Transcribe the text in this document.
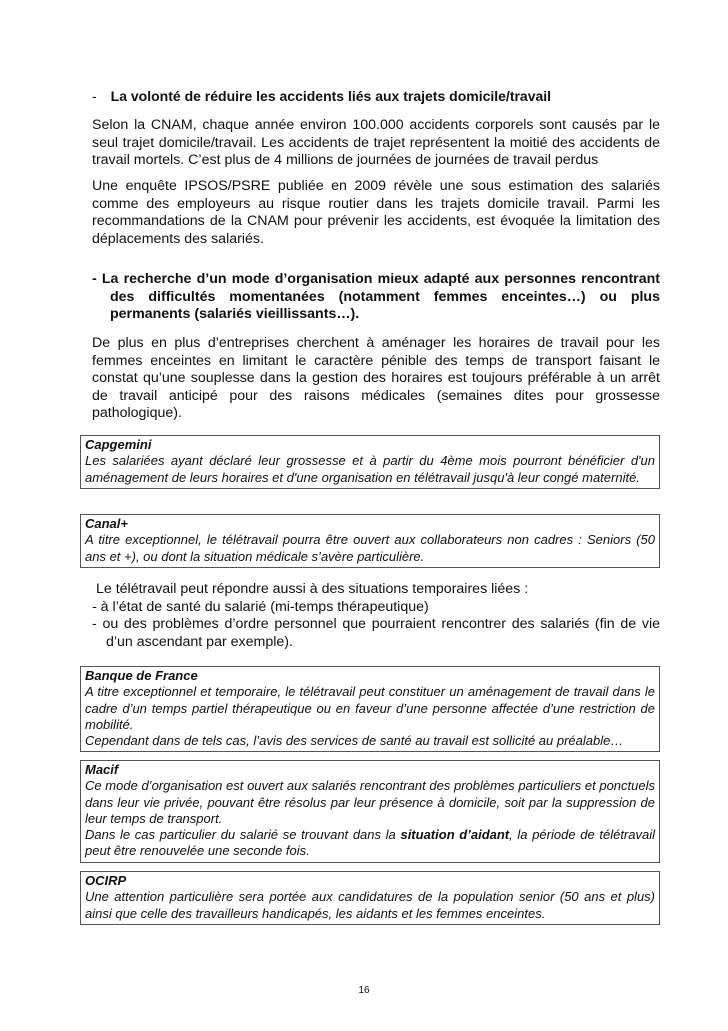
- La volonté de réduire les accidents liés aux trajets domicile/travail
Selon la CNAM, chaque année environ 100.000 accidents corporels sont causés par le seul trajet domicile/travail. Les accidents de trajet représentent la moitié des accidents de travail mortels. C’est plus de 4 millions de journées de journées de travail perdus
Une enquête IPSOS/PSRE publiée en 2009 révèle une sous estimation des salariés comme des employeurs au risque routier dans les trajets domicile travail. Parmi les recommandations de la CNAM pour prévenir les accidents, est évoquée la limitation des déplacements des salariés.
- La recherche d’un mode d’organisation mieux adapté aux personnes rencontrant des difficultés momentanées (notamment femmes enceintes…) ou plus permanents (salariés vieillissants…).
De plus en plus d’entreprises cherchent à aménager les horaires de travail pour les femmes enceintes en limitant le caractère pénible des temps de transport faisant le constat qu’une souplesse dans la gestion des horaires est toujours préférable à un arrêt de travail anticipé pour des raisons médicales (semaines dites pour grossesse pathologique).
Capgemini
Les salariées ayant déclaré leur grossesse et à partir du 4ème mois pourront bénéficier d'un aménagement de leurs horaires et d'une organisation en télétravail jusqu'à leur congé maternité.
Canal+
A titre exceptionnel, le télétravail pourra être ouvert aux collaborateurs non cadres : Seniors (50 ans et +), ou dont la situation médicale s’avère particulière.
Le télétravail peut répondre aussi à des situations temporaires liées :
- à l’état de santé du salarié (mi-temps thérapeutique)
- ou des problèmes d’ordre personnel que pourraient rencontrer des salariés (fin de vie d’un ascendant par exemple).
Banque de France
A titre exceptionnel et temporaire, le télétravail peut constituer un aménagement de travail dans le cadre d’un temps partiel thérapeutique ou en faveur d’une personne affectée d’une restriction de mobilité.
Cependant dans de tels cas, l’avis des services de santé au travail est sollicité au préalable…
Macif
Ce mode d’organisation est ouvert aux salariés rencontrant des problèmes particuliers et ponctuels dans leur vie privée, pouvant être résolus par leur présence à domicile, soit par la suppression de leur temps de transport.
Dans le cas particulier du salarié se trouvant dans la situation d’aidant, la période de télétravail peut être renouvelée une seconde fois.
OCIRP
Une attention particulière sera portée aux candidatures de la population senior (50 ans et plus) ainsi que celle des travailleurs handicapés, les aidants et les femmes enceintes.
16
